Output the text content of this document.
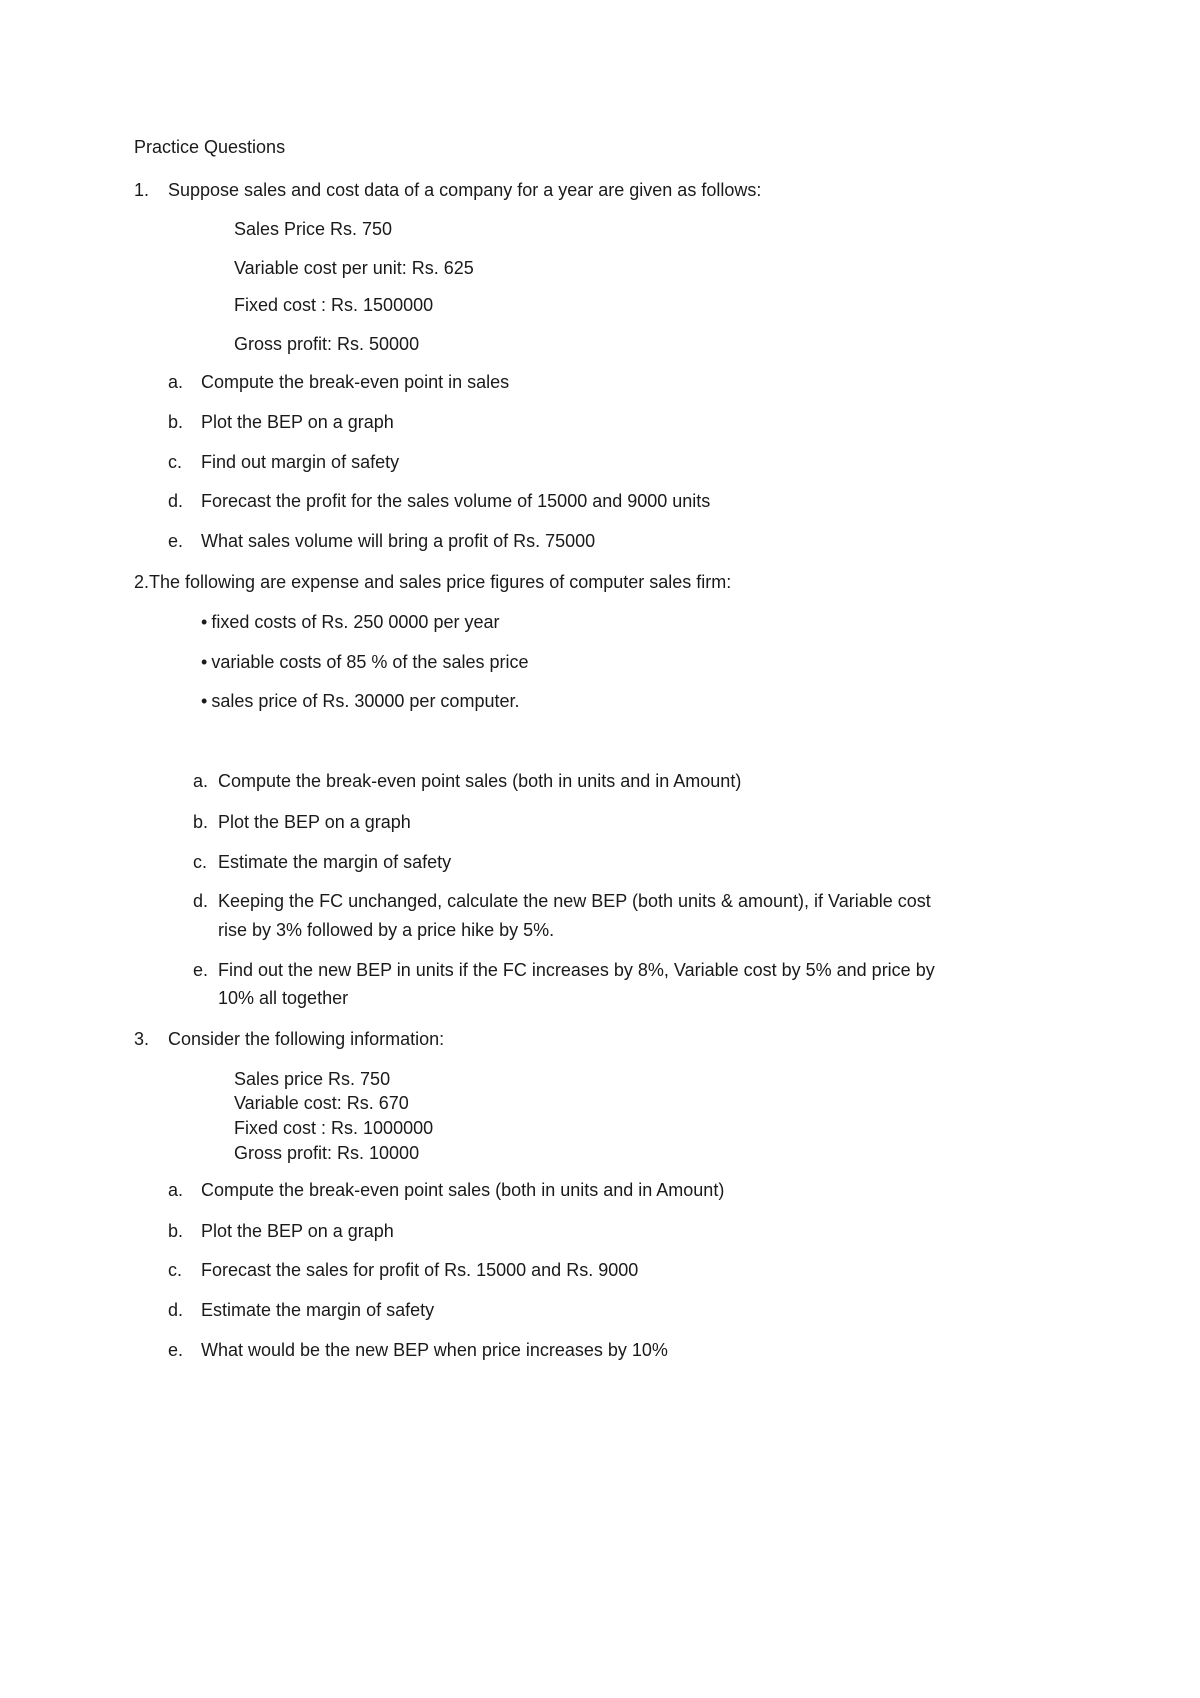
Practice Questions
1. Suppose sales and cost data of a company for a year are given as follows:
Sales Price Rs. 750
Variable cost per unit: Rs. 625
Fixed cost : Rs. 1500000
Gross profit: Rs. 50000
a. Compute the break-even point in sales
b. Plot the BEP on a graph
c. Find out margin of safety
d. Forecast the profit for the sales volume of 15000 and 9000 units
e. What sales volume will bring a profit of Rs. 75000
2.The following are expense and sales price figures of computer sales firm:
• fixed costs of Rs. 250 0000 per year
• variable costs of 85 % of the sales price
• sales price of Rs. 30000 per computer.
a. Compute the break-even point sales (both in units and in Amount)
b. Plot the BEP on a graph
c. Estimate the margin of safety
d. Keeping the FC unchanged, calculate the new BEP (both units & amount), if Variable cost
rise by 3% followed by a price hike by 5%.
e. Find out the new BEP in units if the FC increases by 8%, Variable cost by 5% and price by
10% all together
3. Consider the following information:
Sales price Rs. 750
Variable cost: Rs. 670
Fixed cost : Rs. 1000000
Gross profit: Rs. 10000
a. Compute the break-even point sales (both in units and in Amount)
b. Plot the BEP on a graph
c. Forecast the sales for profit of Rs. 15000 and Rs. 9000
d. Estimate the margin of safety
e. What would be the new BEP when price increases by 10%
